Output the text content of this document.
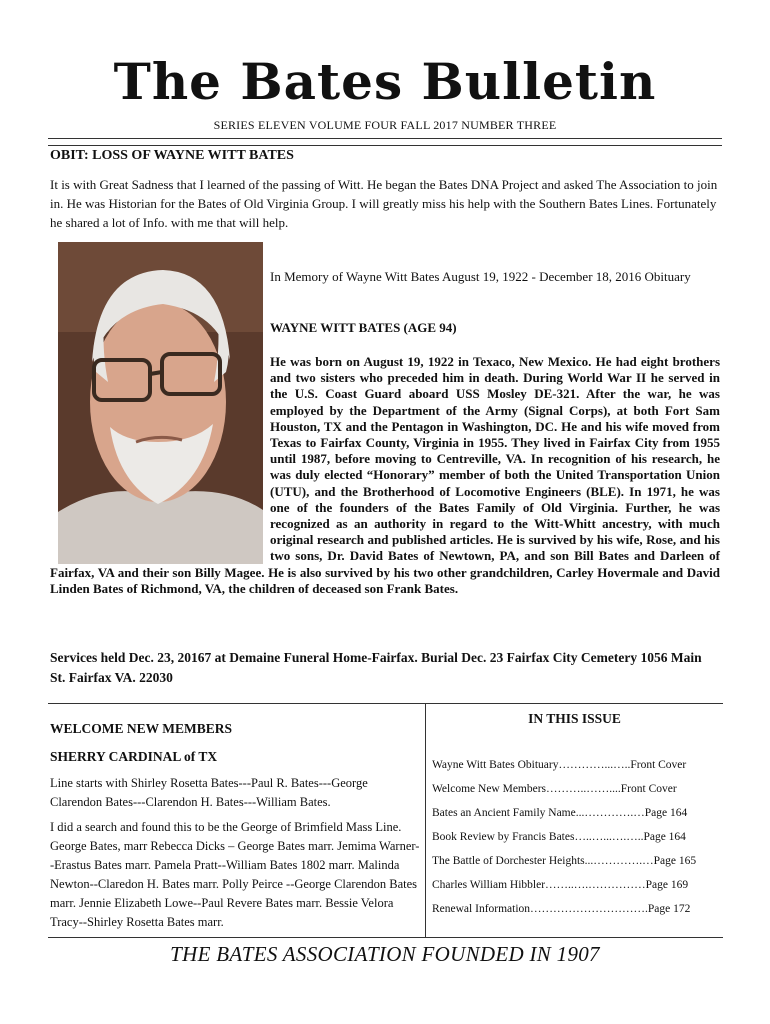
The Bates Bulletin
SERIES ELEVEN VOLUME FOUR FALL 2017 NUMBER THREE
OBIT: LOSS OF WAYNE WITT BATES

It is with Great Sadness that I learned of the passing of Witt. He began the Bates DNA Project and asked The Association to join in. He was Historian for the Bates of Old Virginia Group. I will greatly miss his help with the Southern Bates Lines. Fortunately he shared a lot of Info. with me that will help.

In Memory of Wayne Witt Bates August 19, 1922 - December 18, 2016 Obituary

WAYNE WITT BATES (AGE 94)

He was born on August 19, 1922 in Texaco, New Mexico. He had eight brothers and two sisters who preceded him in death. During World War II he served in the U.S. Coast Guard aboard USS Mosley DE-321. After the war, he was employed by the Department of the Army (Signal Corps), at both Fort Sam Houston, TX and the Pentagon in Washington, DC. He and his wife moved from Texas to Fairfax County, Virginia in 1955. They lived in Fairfax City from 1955 until 1987, before moving to Centreville, VA. In recognition of his research, he was duly elected “Honorary” member of both the United Transportation Union (UTU), and the Brotherhood of Locomotive Engineers (BLE). In 1971, he was one of the founders of the Bates Family of Old Virginia. Further, he was recognized as an authority in regard to the Witt-Whitt ancestry, with much original research and published articles. He is survived by his wife, Rose, and his two sons, Dr. David Bates of Newtown, PA, and son Bill Bates and Darleen of Fairfax, VA and their son Billy Magee. He is also survived by his two other grandchildren, Carley Hovermale and David Linden Bates of Richmond, VA, the children of deceased son Frank Bates.

Services held Dec. 23, 20167 at Demaine Funeral Home-Fairfax. Burial Dec. 23 Fairfax City Cemetery 1056 Main St. Fairfax VA. 22030

WELCOME NEW MEMBERS
SHERRY CARDINAL of TX

Line starts with Shirley Rosetta Bates---Paul R. Bates---George Clarendon Bates---Clarendon H. Bates---William Bates.

I did a search and found this to be the George of Brimfield Mass Line. George Bates, marr Rebecca Dicks – George Bates marr. Jemima Warner--Erastus Bates marr. Pamela Pratt--William Bates 1802 marr. Malinda Newton--Claredon H. Bates marr. Polly Peirce --George Clarendon Bates marr. Jennie Elizabeth Lowe--Paul Revere Bates marr. Bessie Velora Tracy--Shirley Rosetta Bates marr.

IN THIS ISSUE
Wayne Witt Bates Obituary…………...…..Front Cover
Welcome New Members………..……....Front Cover
Bates an Ancient Family Name...………….…Page 164
Book Review by Francis Bates…..…...….…..Page 164
The Battle of Dorchester Heights...………….…Page 165
Charles William Hibbler……..….……………Page 169
Renewal Information………………………….Page 172
THE BATES ASSOCIATION FOUNDED IN 1907
